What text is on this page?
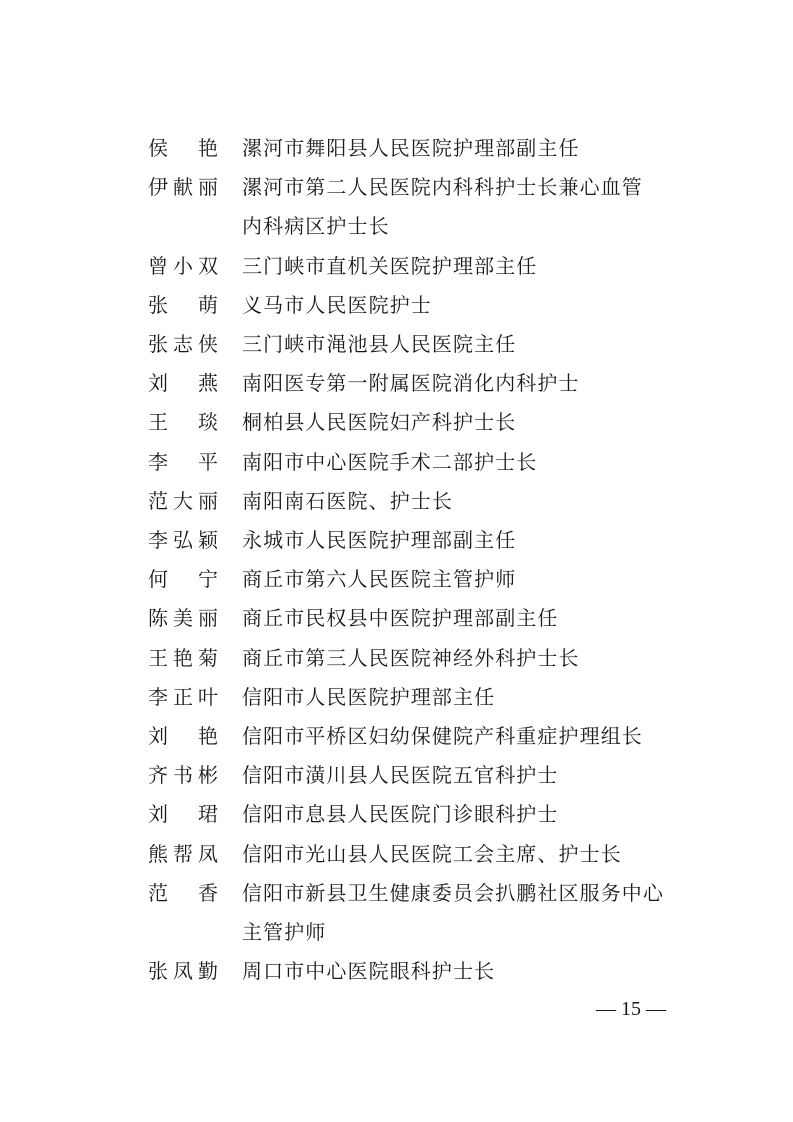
侯 艳 漯河市舞阳县人民医院护理部副主任
伊献丽 漯河市第二人民医院内科科护士长兼心血管
内科病区护士长
曾小双 三门峡市直机关医院护理部主任
张 萌 义马市人民医院护士
张志侠 三门峡市渑池县人民医院主任
刘 燕 南阳医专第一附属医院消化内科护士
王 琰 桐柏县人民医院妇产科护士长
李 平 南阳市中心医院手术二部护士长
范大丽 南阳南石医院、护士长
李弘颖 永城市人民医院护理部副主任
何 宁 商丘市第六人民医院主管护师
陈美丽 商丘市民权县中医院护理部副主任
王艳菊 商丘市第三人民医院神经外科护士长
李正叶 信阳市人民医院护理部主任
刘 艳 信阳市平桥区妇幼保健院产科重症护理组长
齐书彬 信阳市潢川县人民医院五官科护士
刘 珺 信阳市息县人民医院门诊眼科护士
熊帮凤 信阳市光山县人民医院工会主席、护士长
范 香 信阳市新县卫生健康委员会扒鹏社区服务中心
主管护师
张凤勤 周口市中心医院眼科护士长
— 15 —
